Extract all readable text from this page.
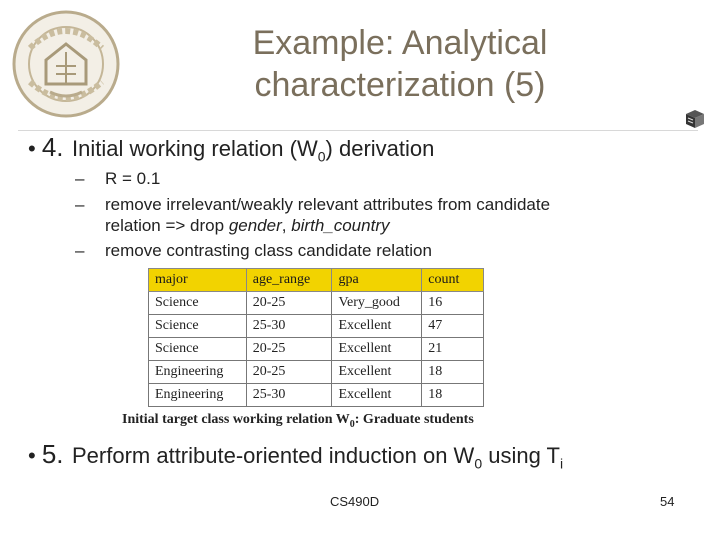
Example: Analytical
characterization (5)
• 4. Initial working relation $(W_0)$ derivation
– R = 0.1
– remove irrelevant/weakly relevant attributes from candidate
relation => drop gender, birth_country
– remove contrasting class candidate relation
major	age_range	gpa	count
Science	20-25	Very_good	16
Science	25-30	Excellent	47
Science	20-25	Excellent	21
Engineering	20-25	Excellent	18
Engineering	25-30	Excellent	18
Initial target class working relation $W_0$: Graduate students
• 5. Perform attribute-oriented induction on $W_0$ using $T_i$
CS490D	54
